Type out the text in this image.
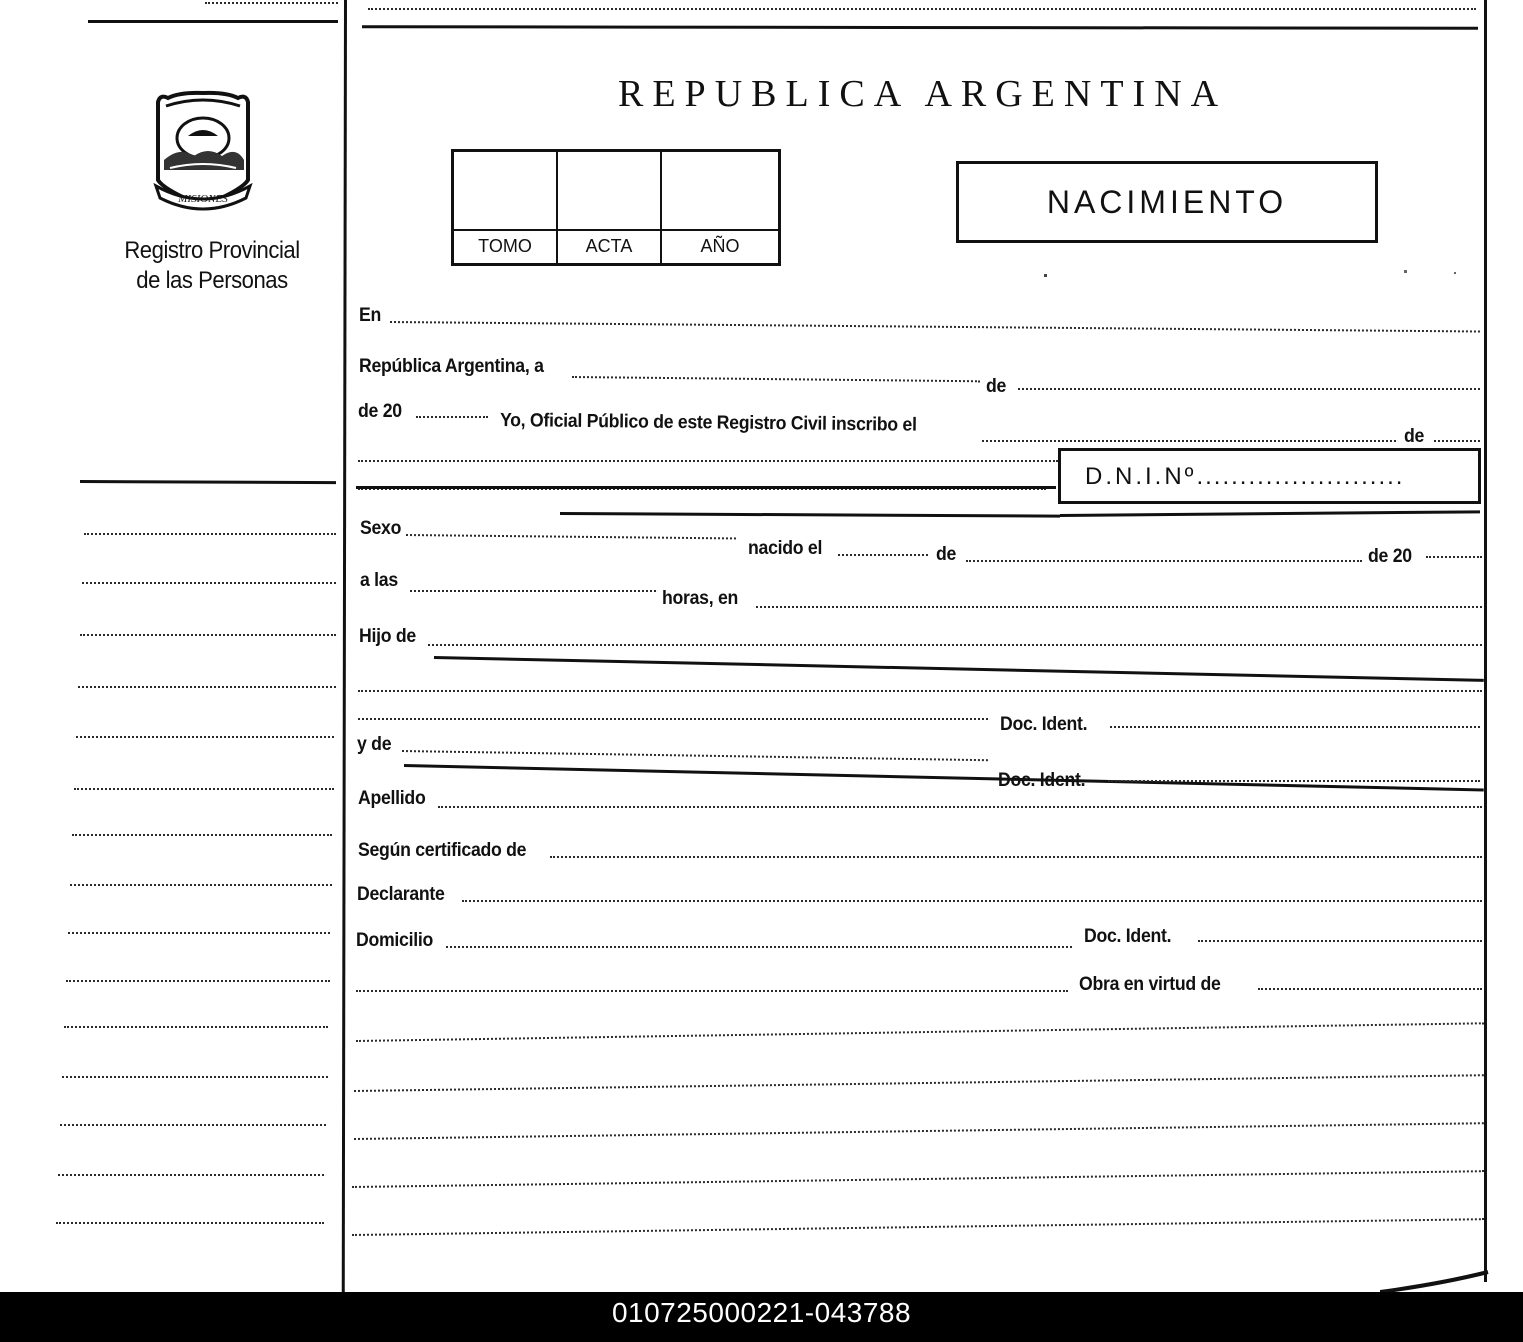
MISIONES
Registro Provincial
de las Personas
REPUBLICA ARGENTINA
TOMO	ACTA	AÑO
NACIMIENTO
En
República Argentina, a
de
de 20	Yo, Oficial Público de este Registro Civil inscribo el
de
D.N.I.Nº........................
Sexo
nacido el	de	de 20
a las
horas, en
Hijo de
Doc. Ident.
y de
Doc. Ident.
Apellido
Según certificado de
Declarante
Domicilio	Doc. Ident.
Obra en virtud de
010725000221-043788
